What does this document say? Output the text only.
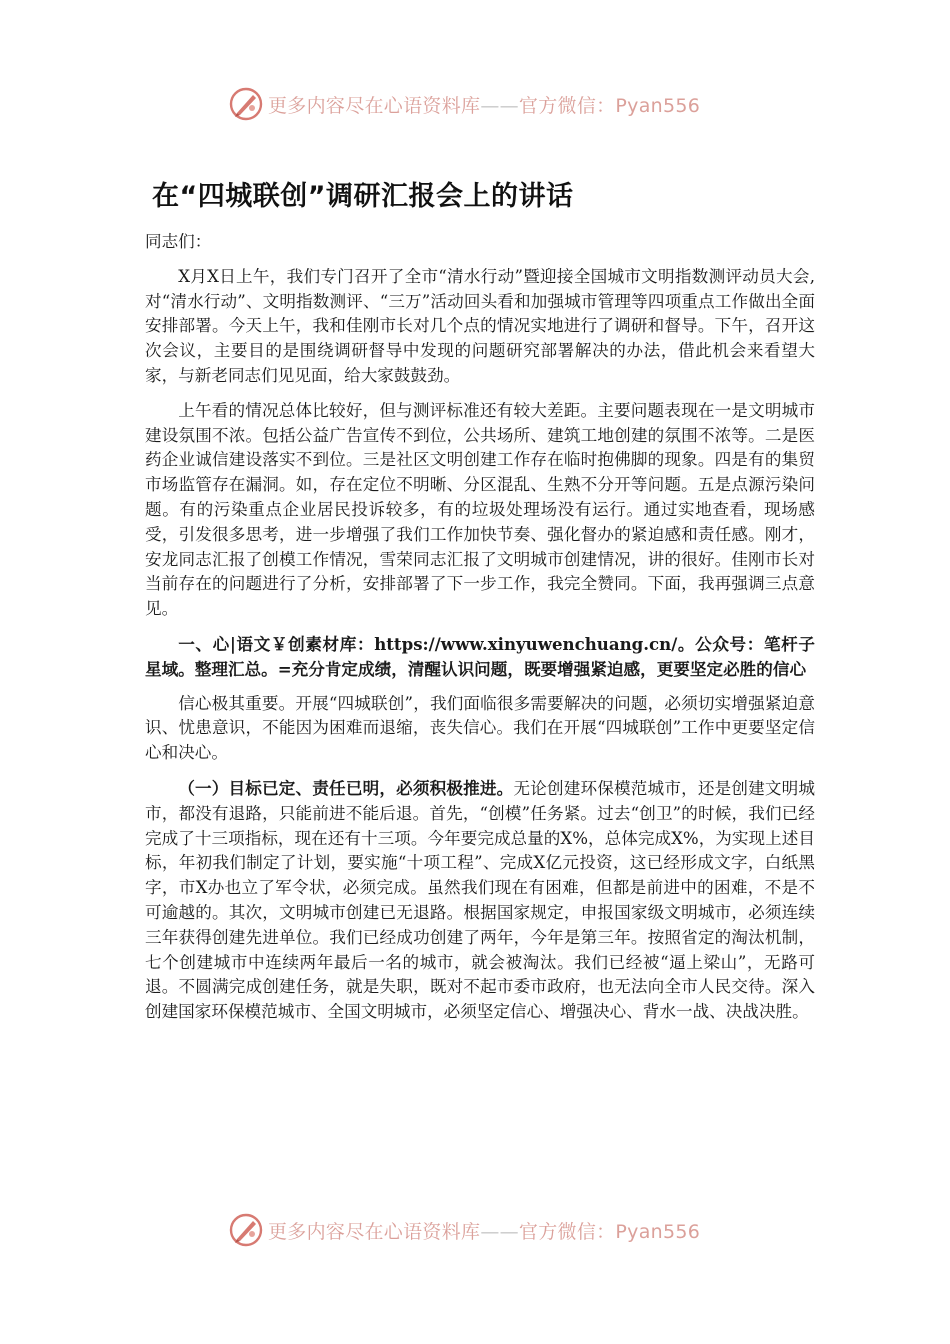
更多内容尽在心语资料库——官方微信：Pyan556
在“四城联创”调研汇报会上的讲话

同志们：

X月X日上午，我们专门召开了全市“清水行动”暨迎接全国城市文明指数测评动员大会,对“清水行动”、文明指数测评、“三万”活动回头看和加强城市管理等四项重点工作做出全面安排部署。今天上午，我和佳刚市长对几个点的情况实地进行了调研和督导。下午，召开这次会议，主要目的是围绕调研督导中发现的问题研究部署解决的办法，借此机会来看望大家，与新老同志们见见面，给大家鼓鼓劲。

上午看的情况总体比较好，但与测评标准还有较大差距。主要问题表现在一是文明城市建设氛围不浓。包括公益广告宣传不到位，公共场所、建筑工地创建的氛围不浓等。二是医药企业诚信建设落实不到位。三是社区文明创建工作存在临时抱佛脚的现象。四是有的集贸市场监管存在漏洞。如，存在定位不明晰、分区混乱、生熟不分开等问题。五是点源污染问题。有的污染重点企业居民投诉较多，有的垃圾处理场没有运行。通过实地查看，现场感受，引发很多思考，进一步增强了我们工作加快节奏、强化督办的紧迫感和责任感。刚才，安龙同志汇报了创模工作情况，雪荣同志汇报了文明城市创建情况，讲的很好。佳刚市长对当前存在的问题进行了分析，安排部署了下一步工作，我完全赞同。下面，我再强调三点意见。

一、心|语文￥创素材库：https://www.xinyuwenchuang.cn/。公众号：笔杆子星域。整理汇总。=充分肯定成绩，清醒认识问题，既要增强紧迫感，更要坚定必胜的信心

信心极其重要。开展“四城联创”，我们面临很多需要解决的问题，必须切实增强紧迫意识、忧患意识，不能因为困难而退缩，丧失信心。我们在开展“四城联创”工作中更要坚定信心和决心。

（一）目标已定、责任已明，必须积极推进。无论创建环保模范城市，还是创建文明城市，都没有退路，只能前进不能后退。首先，“创模”任务紧。过去“创卫”的时候，我们已经完成了十三项指标，现在还有十三项。今年要完成总量的X%，总体完成X%，为实现上述目标，年初我们制定了计划，要实施“十项工程”、完成X亿元投资，这已经形成文字，白纸黑字，市X办也立了军令状，必须完成。虽然我们现在有困难，但都是前进中的困难，不是不可逾越的。其次，文明城市创建已无退路。根据国家规定，申报国家级文明城市，必须连续三年获得创建先进单位。我们已经成功创建了两年，今年是第三年。按照省定的淘汰机制，七个创建城市中连续两年最后一名的城市，就会被淘汰。我们已经被“逼上梁山”，无路可退。不圆满完成创建任务，就是失职，既对不起市委市政府，也无法向全市人民交待。深入创建国家环保模范城市、全国文明城市，必须坚定信心、增强决心、背水一战、决战决胜。

更多内容尽在心语资料库——官方微信：Pyan556
